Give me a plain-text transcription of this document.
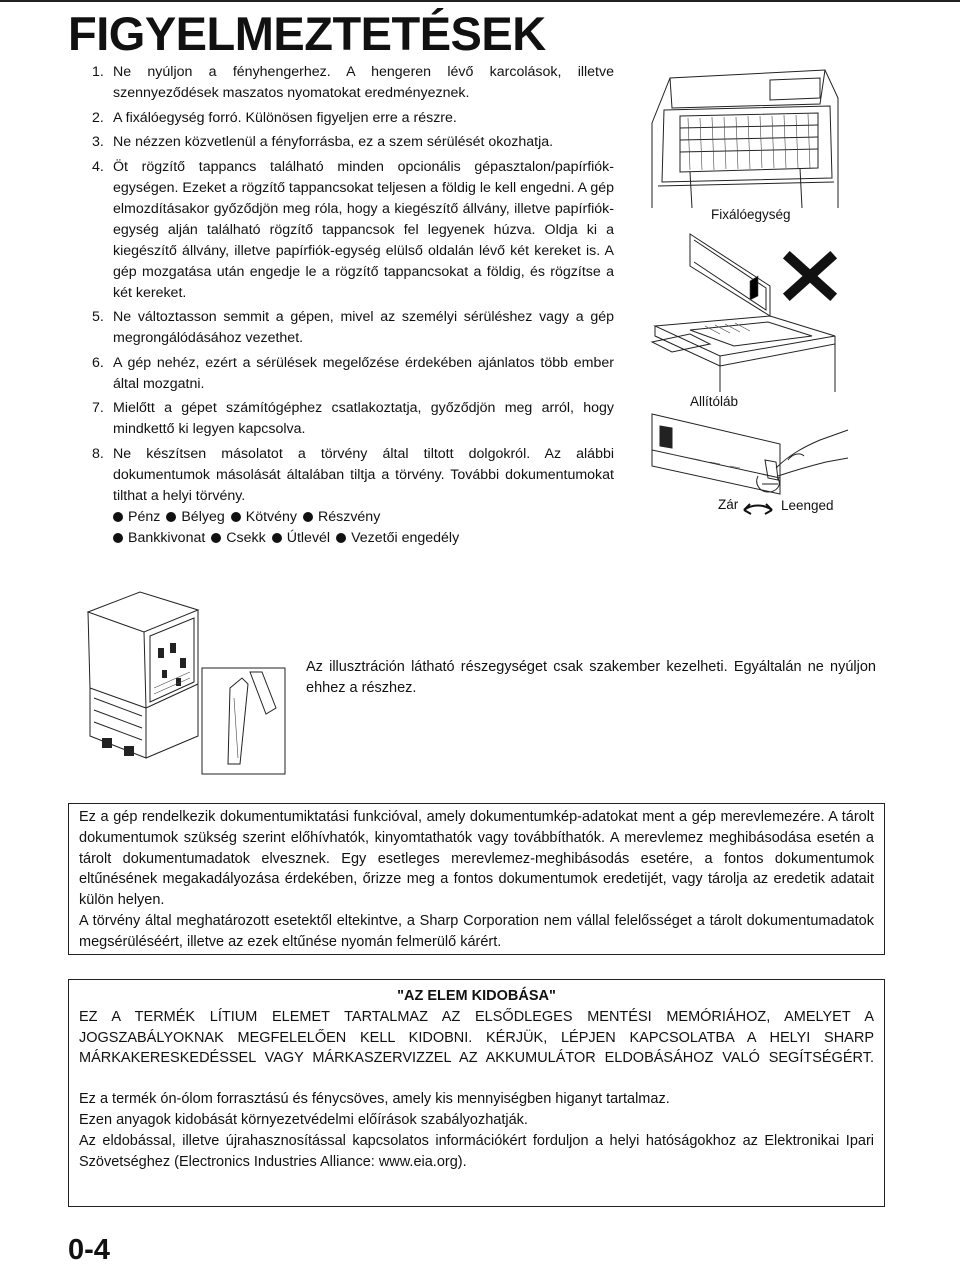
FIGYELMEZTETÉSEK
1. Ne nyúljon a fényhengerhez. A hengeren lévő karcolások, illetve szennyeződések maszatos nyomatokat eredményeznek.

2. A fixálóegység forró. Különösen figyeljen erre a részre.

3. Ne nézzen közvetlenül a fényforrásba, ez a szem sérülését okozhatja.

4. Öt rögzítő tappancs található minden opcionális gépasztalon/papírfiók-egységen. Ezeket a rögzítő tappancsokat teljesen a földig le kell engedni. A gép elmozdításakor győződjön meg róla, hogy a kiegészítő állvány, illetve papírfiók-egység alján található rögzítő tappancsok fel legyenek húzva. Oldja ki a kiegészítő állvány, illetve papírfiók-egység elülső oldalán lévő két kereket is. A gép mozgatása után engedje le a rögzítő tappancsokat a földig, és rögzítse a két kereket.

5. Ne változtasson semmit a gépen, mivel az személyi sérüléshez vagy a gép megrongálódásához vezethet.

6. A gép nehéz, ezért a sérülések megelőzése érdekében ajánlatos több ember által mozgatni.

7. Mielőtt a gépet számítógéphez csatlakoztatja, győződjön meg arról, hogy mindkettő ki legyen kapcsolva.

8. Ne készítsen másolatot a törvény által tiltott dolgokról. Az alábbi dokumentumok másolását általában tiltja a törvény. További dokumentumokat tilthat a helyi törvény.

Pénz Bélyeg Kötvény Részvény
Bankkivonat Csekk Útlevél Vezetői engedély
Fixálóegység
Allítóláb
Zár	Leenged
Az illusztráción látható részegységet csak szakember kezelheti. Egyáltalán ne nyúljon ehhez a részhez.

Ez a gép rendelkezik dokumentumiktatási funkcióval, amely dokumentumkép-adatokat ment a gép merevlemezére. A tárolt dokumentumok szükség szerint előhívhatók, kinyomtathatók vagy továbbíthatók. A merevlemez meghibásodása esetén a tárolt dokumentumadatok elvesznek. Egy esetleges merevlemez-meghibásodás esetére, a fontos dokumentumok eltűnésének megakadályozása érdekében, őrizze meg a fontos dokumentumok eredetijét, vagy tárolja az eredetik adatait külön helyen.

A törvény által meghatározott esetektől eltekintve, a Sharp Corporation nem vállal felelősséget a tárolt dokumentumadatok megsérüléséért, illetve az ezek eltűnése nyomán felmerülő kárért.

"AZ ELEM KIDOBÁSA"

EZ A TERMÉK LÍTIUM ELEMET TARTALMAZ AZ ELSŐDLEGES MENTÉSI MEMÓRIÁHOZ, AMELYET A JOGSZABÁLYOKNAK MEGFELELŐEN KELL KIDOBNI. KÉRJÜK, LÉPJEN KAPCSOLATBA A HELYI SHARP MÁRKAKERESKEDÉSSEL VAGY MÁRKASZERVIZZEL AZ AKKUMULÁTOR ELDOBÁSÁHOZ VALÓ SEGÍTSÉGÉRT.

Ez a termék ón-ólom forrasztású és fénycsöves, amely kis mennyiségben higanyt tartalmaz.

Ezen anyagok kidobását környezetvédelmi előírások szabályozhatják.

Az eldobással, illetve újrahasznosítással kapcsolatos információkért forduljon a helyi hatóságokhoz az Elektronikai Ipari Szövetséghez (Electronics Industries Alliance: www.eia.org).

0-4
